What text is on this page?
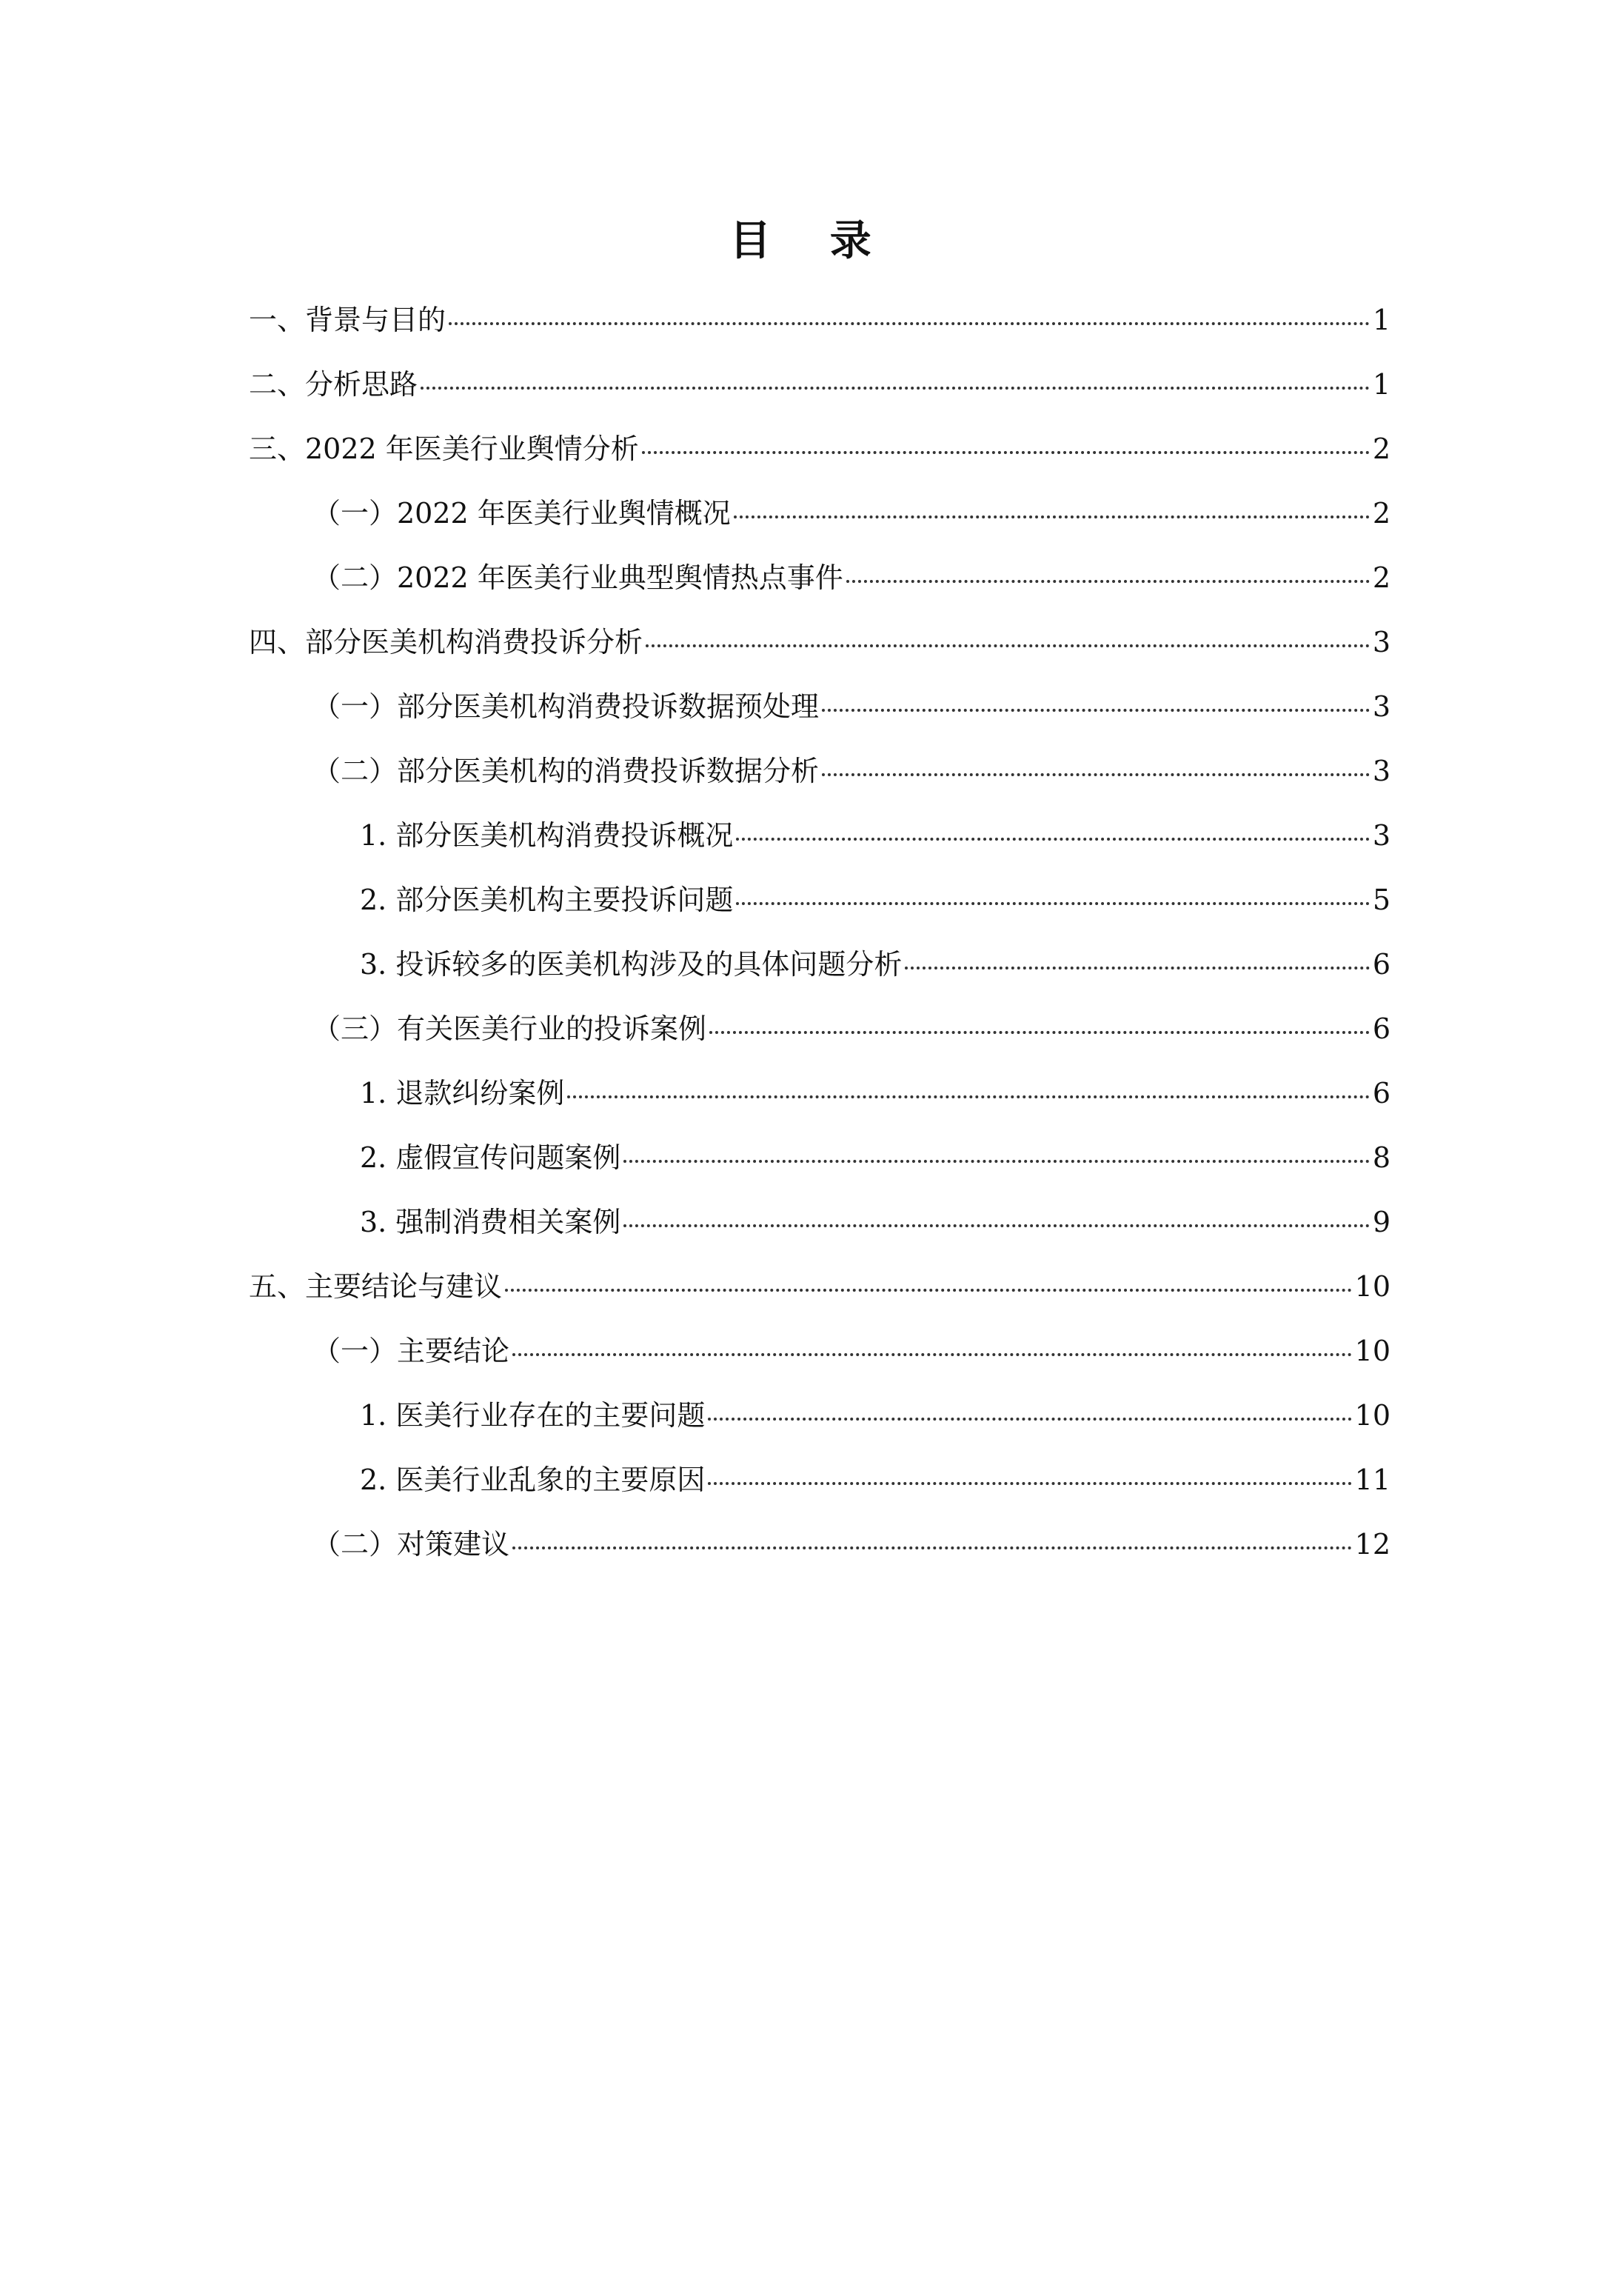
目 录
一、背景与目的	1
二、分析思路	1
三、2022 年医美行业舆情分析	2
（一）2022 年医美行业舆情概况	2
（二）2022 年医美行业典型舆情热点事件	2
四、部分医美机构消费投诉分析	3
（一）部分医美机构消费投诉数据预处理	3
（二）部分医美机构的消费投诉数据分析	3
1. 部分医美机构消费投诉概况	3
2. 部分医美机构主要投诉问题	5
3. 投诉较多的医美机构涉及的具体问题分析	6
（三）有关医美行业的投诉案例	6
1. 退款纠纷案例	6
2. 虚假宣传问题案例	8
3. 强制消费相关案例	9
五、主要结论与建议	10
（一）主要结论	10
1. 医美行业存在的主要问题	10
2. 医美行业乱象的主要原因	11
（二）对策建议	12
